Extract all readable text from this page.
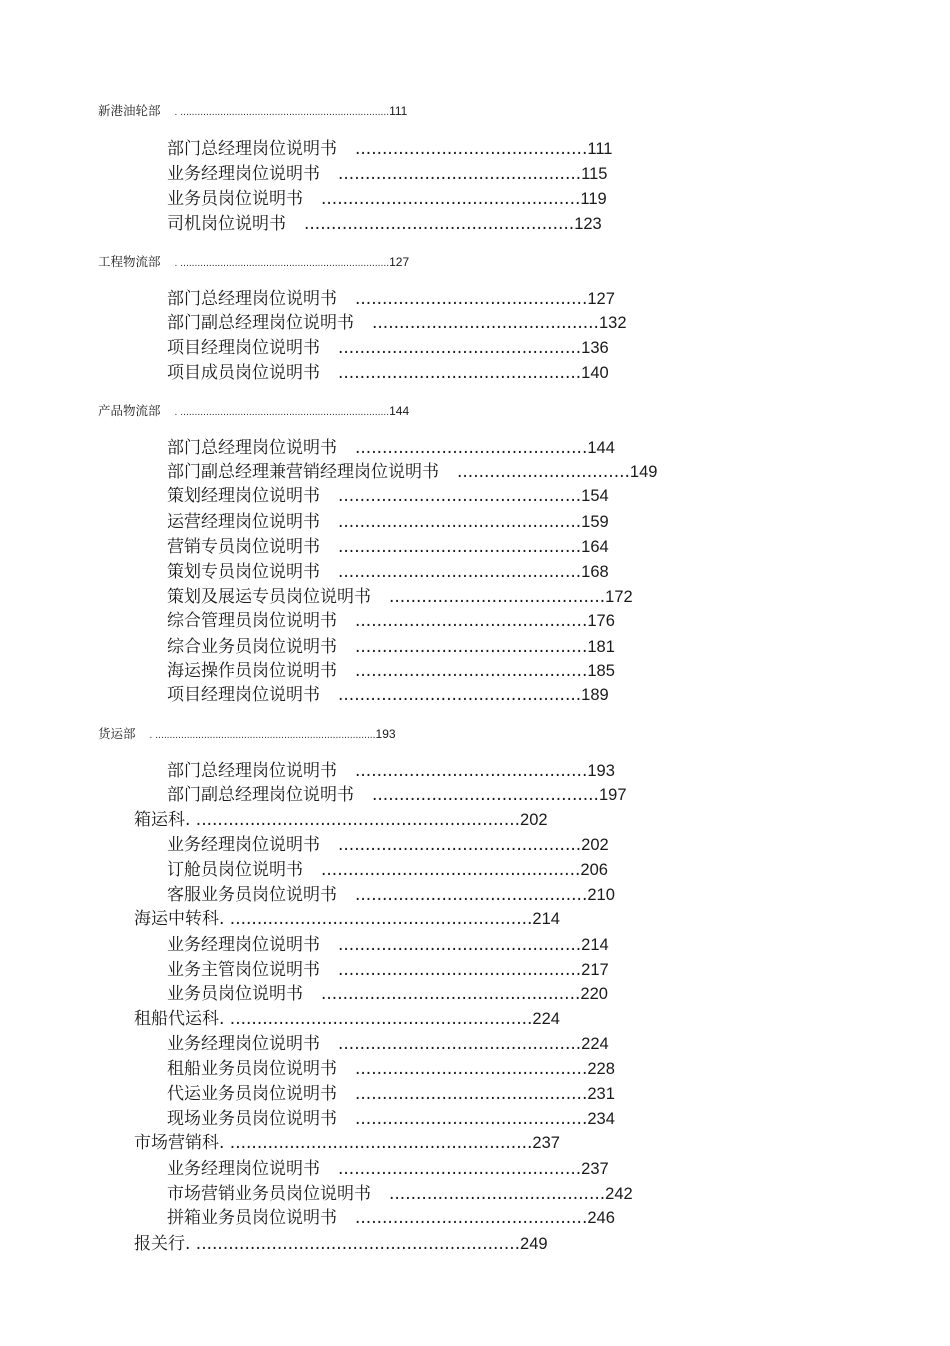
新港油轮部 . ......................................................................... 111
部门总经理岗位说明书 ........................................... 111
业务经理岗位说明书 ............................................. 115
业务员岗位说明书 ................................................ 119
司机岗位说明书 .................................................. 123
工程物流部 . ......................................................................... 127
部门总经理岗位说明书 ........................................... 127
部门副总经理岗位说明书 .......................................... 132
项目经理岗位说明书 ............................................. 136
项目成员岗位说明书 ............................................. 140
产品物流部 . ......................................................................... 144
部门总经理岗位说明书 ........................................... 144
部门副总经理兼营销经理岗位说明书 ................................ 149
策划经理岗位说明书 ............................................. 154
运营经理岗位说明书 ............................................. 159
营销专员岗位说明书 ............................................. 164
策划专员岗位说明书 ............................................. 168
策划及展运专员岗位说明书 ........................................ 172
综合管理员岗位说明书 ........................................... 176
综合业务员岗位说明书 ........................................... 181
海运操作员岗位说明书 ........................................... 185
项目经理岗位说明书 ............................................. 189
货运部 . ............................................................................. 193
部门总经理岗位说明书 ........................................... 193
部门副总经理岗位说明书 .......................................... 197
箱运科 . ............................................................ 202
业务经理岗位说明书 ............................................. 202
订舱员岗位说明书 ................................................ 206
客服业务员岗位说明书 ........................................... 210
海运中转科 . ........................................................ 214
业务经理岗位说明书 ............................................. 214
业务主管岗位说明书 ............................................. 217
业务员岗位说明书 ................................................ 220
租船代运科 . ........................................................ 224
业务经理岗位说明书 ............................................. 224
租船业务员岗位说明书 ........................................... 228
代运业务员岗位说明书 ........................................... 231
现场业务员岗位说明书 ........................................... 234
市场营销科 . ........................................................ 237
业务经理岗位说明书 ............................................. 237
市场营销业务员岗位说明书 ........................................ 242
拼箱业务员岗位说明书 ........................................... 246
报关行 . ............................................................ 249
